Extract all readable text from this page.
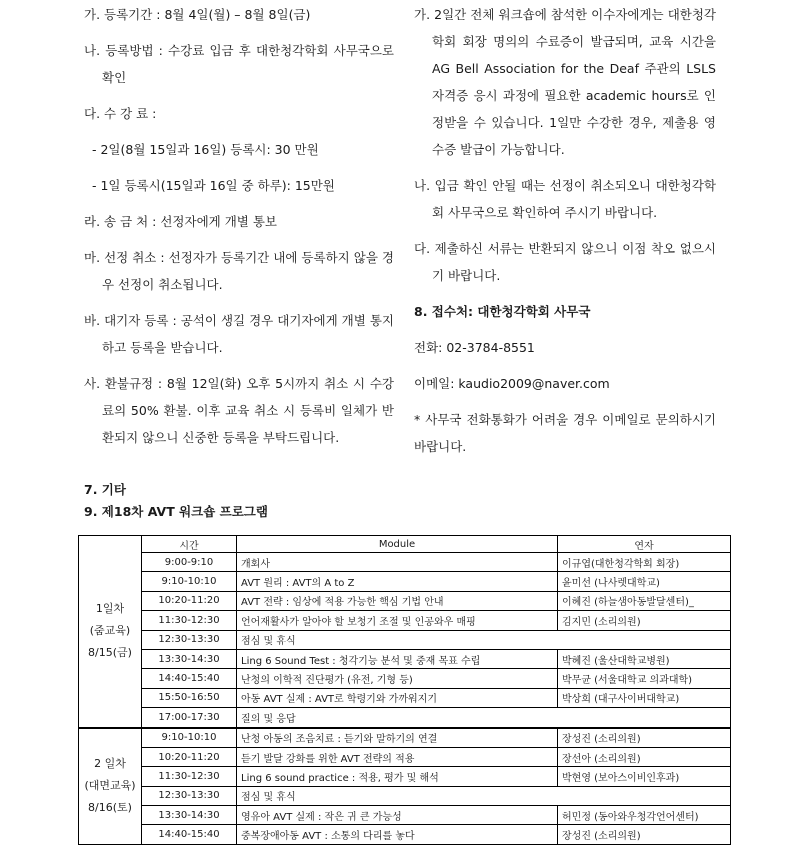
가. 등록기간 : 8월 4일(월) – 8월 8일(금)

나. 등록방법 : 수강료 입금 후 대한청각학회 사무국으로 확인

다. 수 강 료 :

- 2일(8월 15일과 16일) 등록시: 30 만원

- 1일 등록시(15일과 16일 중 하루): 15만원

라. 송 금 처 : 선정자에게 개별 통보

마. 선정 취소 : 선정자가 등록기간 내에 등록하지 않을 경우 선정이 취소됩니다.

바. 대기자 등록 : 공석이 생길 경우 대기자에게 개별 통지하고 등록을 받습니다.

사. 환불규정 : 8월 12일(화) 오후 5시까지 취소 시 수강료의 50% 환불. 이후 교육 취소 시 등록비 일체가 반환되지 않으니 신중한 등록을 부탁드립니다.

가. 2일간 전체 워크숍에 참석한 이수자에게는 대한청각학회 회장 명의의 수료증이 발급되며, 교육 시간을 AG Bell Association for the Deaf 주관의 LSLS 자격증 응시 과정에 필요한 academic hours로 인정받을 수 있습니다. 1일만 수강한 경우, 제출용 영수증 발급이 가능합니다.

나. 입금 확인 안될 때는 선정이 취소되오니 대한청각학회 사무국으로 확인하여 주시기 바랍니다.

다. 제출하신 서류는 반환되지 않으니 이점 착오 없으시기 바랍니다.

8. 접수처: 대한청각학회 사무국

전화: 02-3784-8551

이메일: kaudio2009@naver.com

* 사무국 전화통화가 어려울 경우 이메일로 문의하시기 바랍니다.

7. 기타

9. 제18차 AVT 워크숍 프로그램

1일차
(줌교육)
8/15(금)	시간	Module	연자
	9:00-9:10	개회사	이규엽(대한청각학회 회장)
	9:10-10:10	AVT 원리 : AVT의 A to Z	윤미선 (나사렛대학교)
	10:20-11:20	AVT 전략 : 임상에 적용 가능한 핵심 기법 안내	이혜진 (하늘샘아동발달센터)_
	11:30-12:30	언어재활사가 알아야 할 보청기 조절 및 인공와우 매핑	김지민 (소리의원)
	12:30-13:30	점심 및 휴식	
	13:30-14:30	Ling 6 Sound Test : 청각기능 분석 및 중재 목표 수립	박혜진 (울산대학교병원)
	14:40-15:40	난청의 이학적 진단평가 (유전, 기형 등)	박무균 (서울대학교 의과대학)
	15:50-16:50	아동 AVT 실제 : AVT로 학령기와 가까워지기	박상희 (대구사이버대학교)
	17:00-17:30	질의 및 응답	

2 일차
(대면교육)
8/16(토)	9:10-10:10	난청 아동의 조음치료 : 듣기와 말하기의 연결	장성진 (소리의원)
	10:20-11:20	듣기 발달 강화를 위한 AVT 전략의 적용	장선아 (소리의원)
	11:30-12:30	Ling 6 sound practice : 적용, 평가 및 해석	박현영 (보아스이비인후과)
	12:30-13:30	점심 및 휴식	
	13:30-14:30	영유아 AVT 실제 : 작은 귀 큰 가능성	허민정 (동아와우청각언어센터)
	14:40-15:40	중복장애아동 AVT : 소통의 다리를 놓다	장성진 (소리의원)
